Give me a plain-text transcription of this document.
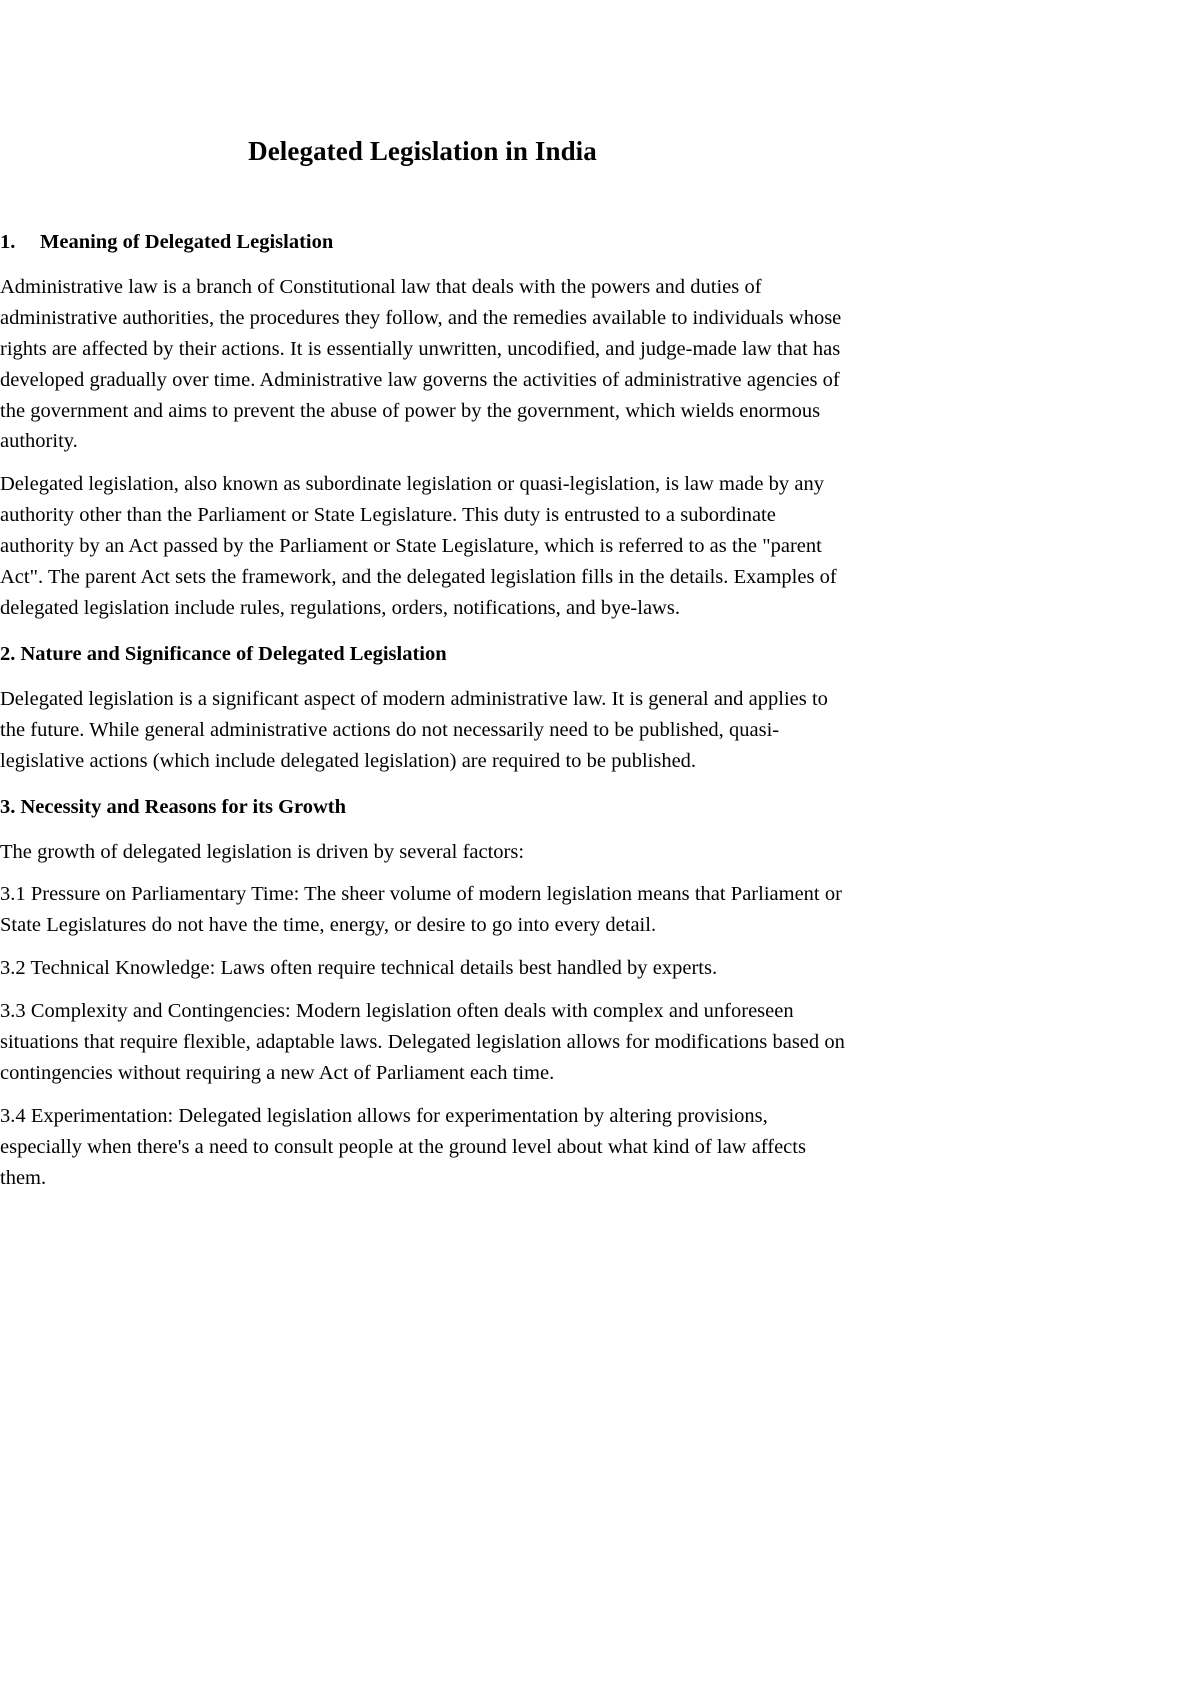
Delegated Legislation in India
1.	Meaning of Delegated Legislation

Administrative law is a branch of Constitutional law that deals with the powers and duties of administrative authorities, the procedures they follow, and the remedies available to individuals whose rights are affected by their actions. It is essentially unwritten, uncodified, and judge-made law that has developed gradually over time. Administrative law governs the activities of administrative agencies of the government and aims to prevent the abuse of power by the government, which wields enormous authority.

Delegated legislation, also known as subordinate legislation or quasi-legislation, is law made by any authority other than the Parliament or State Legislature. This duty is entrusted to a subordinate authority by an Act passed by the Parliament or State Legislature, which is referred to as the "parent Act". The parent Act sets the framework, and the delegated legislation fills in the details. Examples of delegated legislation include rules, regulations, orders, notifications, and bye-laws.

2. Nature and Significance of Delegated Legislation

Delegated legislation is a significant aspect of modern administrative law. It is general and applies to the future. While general administrative actions do not necessarily need to be published, quasi-legislative actions (which include delegated legislation) are required to be published.

3. Necessity and Reasons for its Growth

The growth of delegated legislation is driven by several factors:

3.1 Pressure on Parliamentary Time: The sheer volume of modern legislation means that Parliament or State Legislatures do not have the time, energy, or desire to go into every detail.

3.2 Technical Knowledge: Laws often require technical details best handled by experts.

3.3 Complexity and Contingencies: Modern legislation often deals with complex and unforeseen situations that require flexible, adaptable laws. Delegated legislation allows for modifications based on contingencies without requiring a new Act of Parliament each time.

3.4 Experimentation: Delegated legislation allows for experimentation by altering provisions, especially when there's a need to consult people at the ground level about what kind of law affects them.
